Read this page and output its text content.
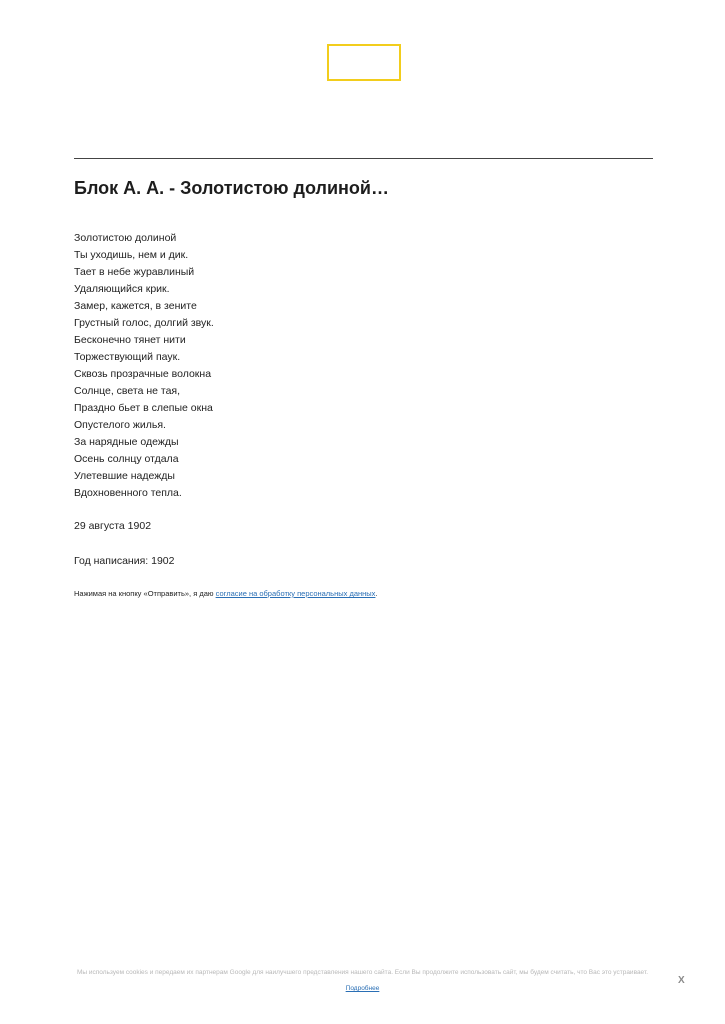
Блок А. А. - Золотистою долиной…
Золотистою долиной
Ты уходишь, нем и дик.
Тает в небе журавлиный
Удаляющийся крик.
Замер, кажется, в зените
Грустный голос, долгий звук.
Бесконечно тянет нити
Торжествующий паук.
Сквозь прозрачные волокна
Солнце, света не тая,
Праздно бьет в слепые окна
Опустелого жилья.
За нарядные одежды
Осень солнцу отдала
Улетевшие надежды
Вдохновенного тепла.
29 августа 1902
Год написания: 1902
Нажимая на кнопку «Отправить», я даю согласие на обработку персональных данных.
Мы используем cookies и передаем их партнерам Google для наилучшего представления нашего сайта. Если Вы продолжите использовать сайт, мы будем считать, что Вас это устраивает.
Подробнее
X
